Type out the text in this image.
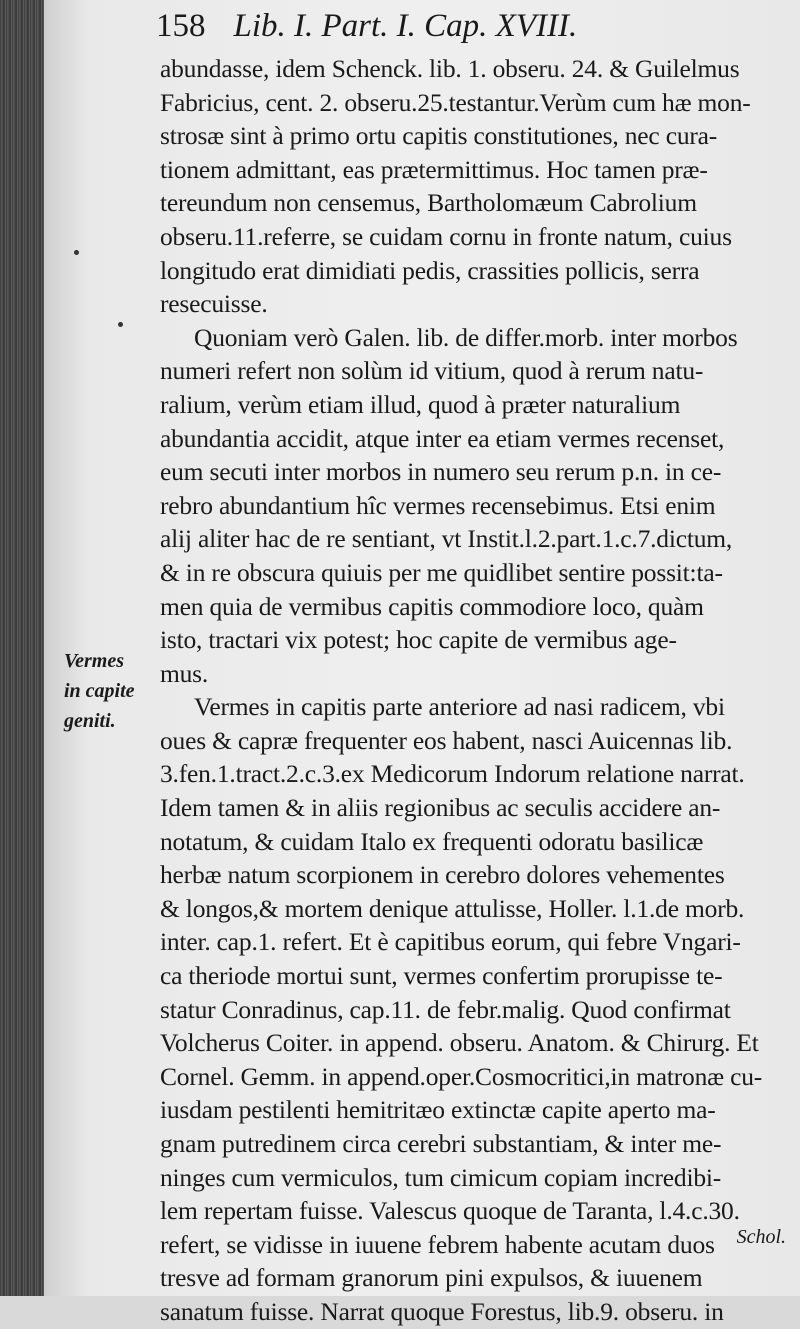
158 Lib. I. Part. I. Cap. XVIII.
Vermes
in capite
geniti.
abundasse, idem Schenck. lib. 1. obseru. 24. & Guilelmus
Fabricius, cent. 2. obseru.25.testantur.Verùm cum hæ mon-
strosæ sint à primo ortu capitis constitutiones, nec cura-
tionem admittant, eas prætermittimus. Hoc tamen præ-
tereundum non censemus, Bartholomæum Cabrolium
obseru.11.referre, se cuidam cornu in fronte natum, cuius
longitudo erat dimidiati pedis, crassities pollicis, serra
resecuisse.
Quoniam verò Galen. lib. de differ.morb. inter morbos
numeri refert non solùm id vitium, quod à rerum natu-
ralium, verùm etiam illud, quod à præter naturalium
abundantia accidit, atque inter ea etiam vermes recenset,
eum secuti inter morbos in numero seu rerum p.n. in ce-
rebro abundantium hîc vermes recensebimus. Etsi enim
alij aliter hac de re sentiant, vt Instit.l.2.part.1.c.7.dictum,
& in re obscura quiuis per me quidlibet sentire possit:ta-
men quia de vermibus capitis commodiore loco, quàm
isto, tractari vix potest; hoc capite de vermibus age-
mus.
Vermes in capitis parte anteriore ad nasi radicem, vbi
oues & capræ frequenter eos habent, nasci Auicennas lib.
3.fen.1.tract.2.c.3.ex Medicorum Indorum relatione narrat.
Idem tamen & in aliis regionibus ac seculis accidere an-
notatum, & cuidam Italo ex frequenti odoratu basilicæ
herbæ natum scorpionem in cerebro dolores vehementes
& longos,& mortem denique attulisse, Holler. l.1.de morb.
inter. cap.1. refert. Et è capitibus eorum, qui febre Vngari-
ca theriode mortui sunt, vermes confertim prorupisse te-
statur Conradinus, cap.11. de febr.malig. Quod confirmat
Volcherus Coiter. in append. obseru. Anatom. & Chirurg. Et
Cornel. Gemm. in append.oper.Cosmocritici,in matronæ cu-
iusdam pestilenti hemitritæo extinctæ capite aperto ma-
gnam putredinem circa cerebri substantiam, & inter me-
ninges cum vermiculos, tum cimicum copiam incredibi-
lem repertam fuisse. Valescus quoque de Taranta, l.4.c.30.
refert, se vidisse in iuuene febrem habente acutam duos
tresve ad formam granorum pini expulsos, & iuuenem
sanatum fuisse. Narrat quoque Forestus, lib.9. obseru. in
Schol.
